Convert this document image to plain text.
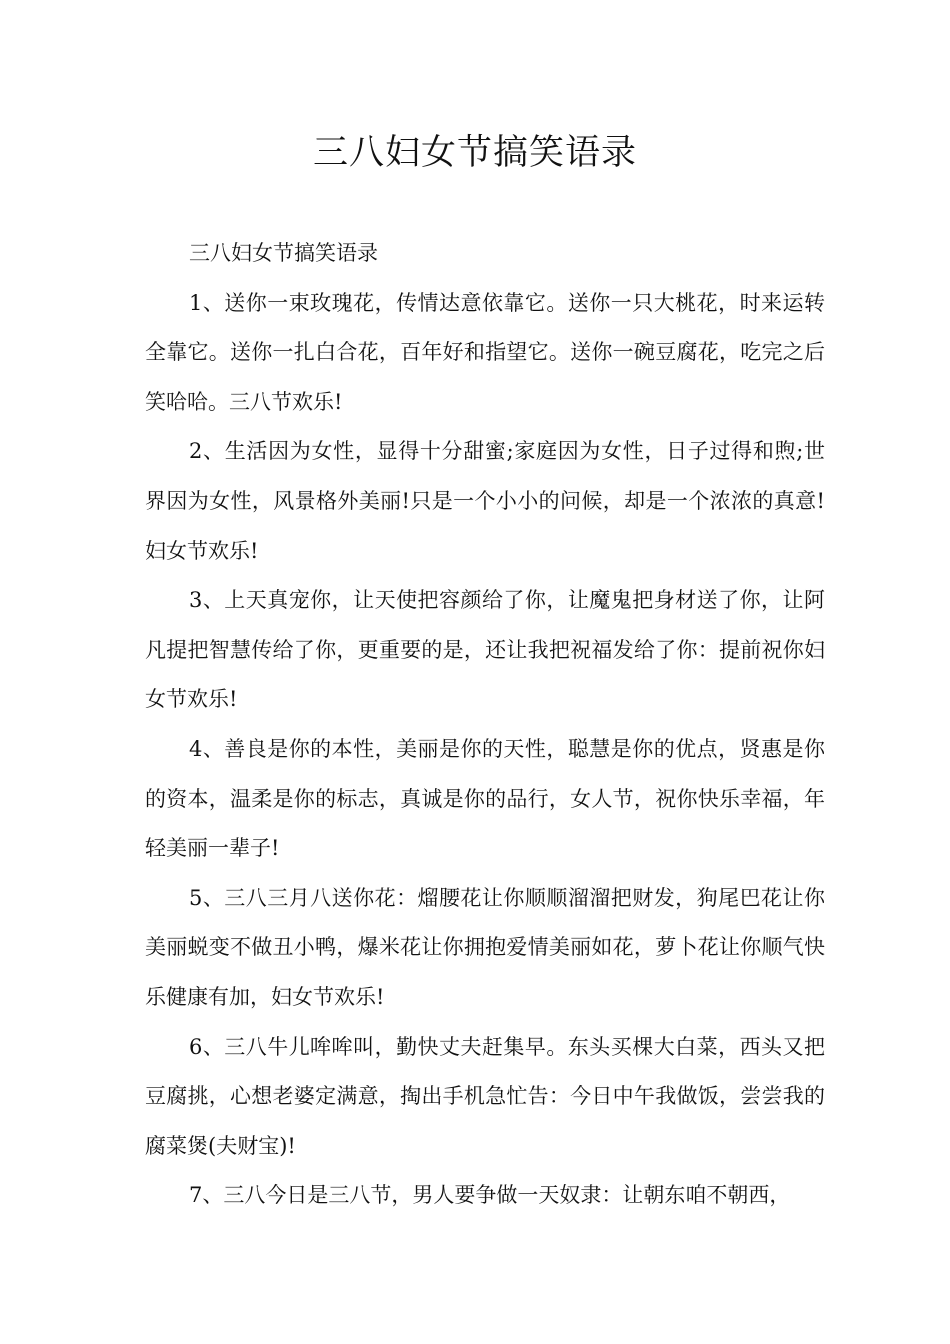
三八妇女节搞笑语录

三八妇女节搞笑语录

1、送你一束玫瑰花，传情达意依靠它。送你一只大桃花，时来运转全靠它。送你一扎白合花，百年好和指望它。送你一碗豆腐花，吃完之后笑哈哈。三八节欢乐!

2、生活因为女性，显得十分甜蜜;家庭因为女性，日子过得和煦;世界因为女性，风景格外美丽!只是一个小小的问候，却是一个浓浓的真意!妇女节欢乐!

3、上天真宠你，让天使把容颜给了你，让魔鬼把身材送了你，让阿凡提把智慧传给了你，更重要的是，还让我把祝福发给了你：提前祝你妇女节欢乐!

4、善良是你的本性，美丽是你的天性，聪慧是你的优点，贤惠是你的资本，温柔是你的标志，真诚是你的品行，女人节，祝你快乐幸福，年轻美丽一辈子!

5、三八三月八送你花：熘腰花让你顺顺溜溜把财发，狗尾巴花让你美丽蜕变不做丑小鸭，爆米花让你拥抱爱情美丽如花，萝卜花让你顺气快乐健康有加，妇女节欢乐!

6、三八牛儿哞哞叫，勤快丈夫赶集早。东头买棵大白菜，西头又把豆腐挑，心想老婆定满意，掏出手机急忙告：今日中午我做饭，尝尝我的腐菜煲(夫财宝)!

7、三八今日是三八节，男人要争做一天奴隶：让朝东咱不朝西，
